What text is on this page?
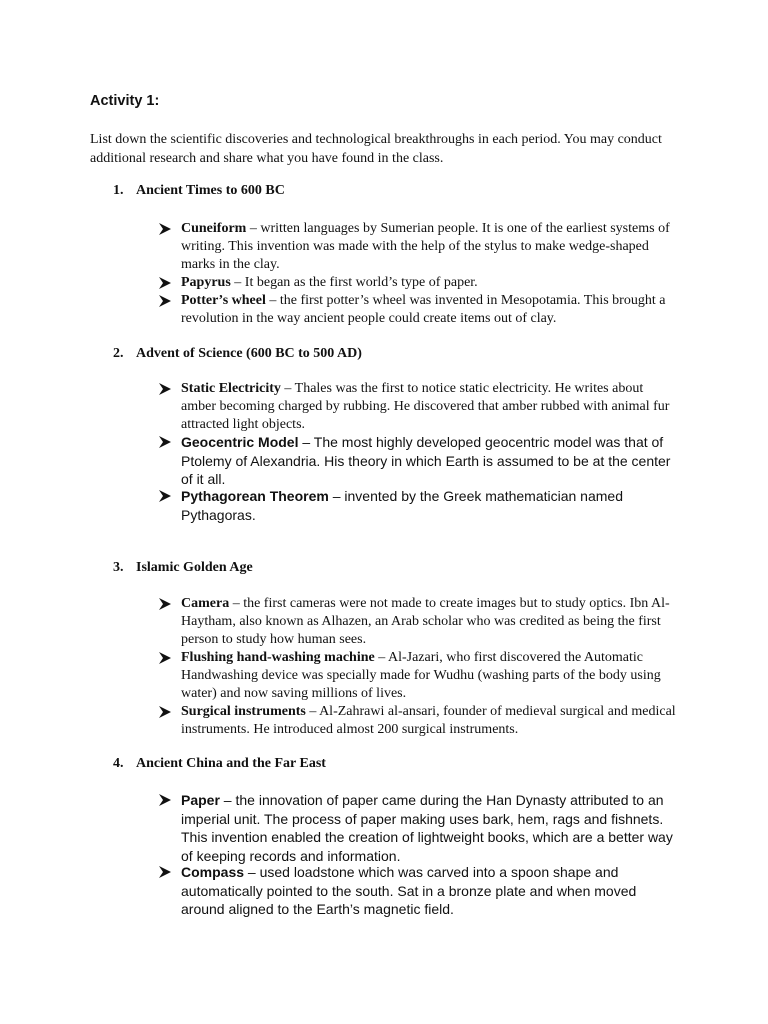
Activity 1:
List down the scientific discoveries and technological breakthroughs in each period. You may conduct additional research and share what you have found in the class.
1. Ancient Times to 600 BC
Cuneiform – written languages by Sumerian people. It is one of the earliest systems of writing. This invention was made with the help of the stylus to make wedge-shaped marks in the clay.
Papyrus – It began as the first world’s type of paper.
Potter’s wheel – the first potter’s wheel was invented in Mesopotamia. This brought a revolution in the way ancient people could create items out of clay.
2. Advent of Science (600 BC to 500 AD)
Static Electricity – Thales was the first to notice static electricity. He writes about amber becoming charged by rubbing. He discovered that amber rubbed with animal fur attracted light objects.
Geocentric Model – The most highly developed geocentric model was that of Ptolemy of Alexandria. His theory in which Earth is assumed to be at the center of it all.
Pythagorean Theorem – invented by the Greek mathematician named Pythagoras.
3. Islamic Golden Age
Camera – the first cameras were not made to create images but to study optics. Ibn Al-Haytham, also known as Alhazen, an Arab scholar who was credited as being the first person to study how human sees.
Flushing hand-washing machine – Al-Jazari, who first discovered the Automatic Handwashing device was specially made for Wudhu (washing parts of the body using water) and now saving millions of lives.
Surgical instruments – Al-Zahrawi al-ansari, founder of medieval surgical and medical instruments. He introduced almost 200 surgical instruments.
4. Ancient China and the Far East
Paper – the innovation of paper came during the Han Dynasty attributed to an imperial unit. The process of paper making uses bark, hem, rags and fishnets. This invention enabled the creation of lightweight books, which are a better way of keeping records and information.
Compass – used loadstone which was carved into a spoon shape and automatically pointed to the south. Sat in a bronze plate and when moved around aligned to the Earth’s magnetic field.
